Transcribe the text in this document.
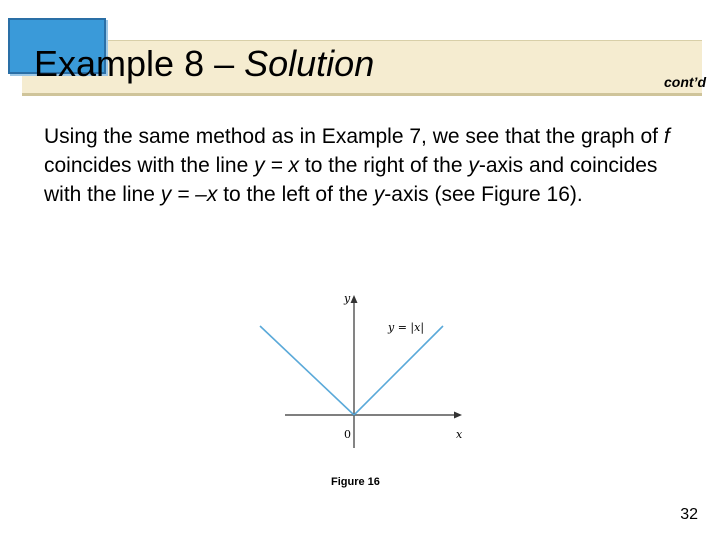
Example 8 – Solution	cont’d
Using the same method as in Example 7, we see that the graph of f coincides with the line y = x to the right of the y-axis and coincides with the line y = –x to the left of the y-axis (see Figure 16).
y
x
0
y = |x|
Figure 16
32
